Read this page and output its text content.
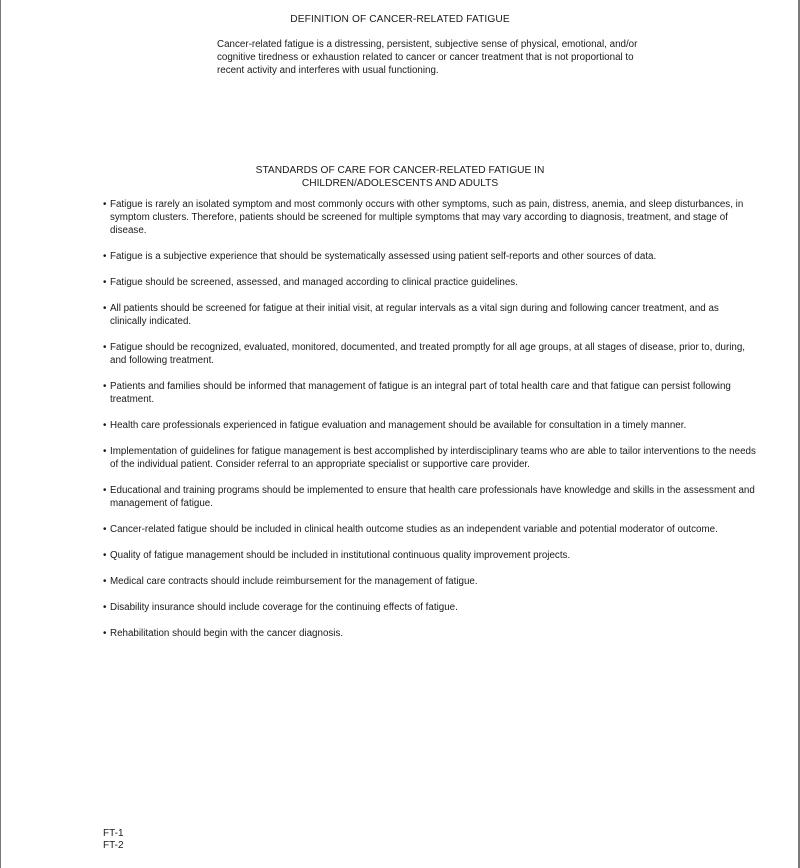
DEFINITION OF CANCER-RELATED FATIGUE

Cancer-related fatigue is a distressing, persistent, subjective sense of physical, emotional, and/or cognitive tiredness or exhaustion related to cancer or cancer treatment that is not proportional to recent activity and interferes with usual functioning.

STANDARDS OF CARE FOR CANCER-RELATED FATIGUE IN
CHILDREN/ADOLESCENTS AND ADULTS
• Fatigue is rarely an isolated symptom and most commonly occurs with other symptoms, such as pain, distress, anemia, and sleep disturbances, in symptom clusters. Therefore, patients should be screened for multiple symptoms that may vary according to diagnosis, treatment, and stage of disease.
• Fatigue is a subjective experience that should be systematically assessed using patient self-reports and other sources of data.
• Fatigue should be screened, assessed, and managed according to clinical practice guidelines.
• All patients should be screened for fatigue at their initial visit, at regular intervals as a vital sign during and following cancer treatment, and as clinically indicated.
• Fatigue should be recognized, evaluated, monitored, documented, and treated promptly for all age groups, at all stages of disease, prior to, during, and following treatment.
• Patients and families should be informed that management of fatigue is an integral part of total health care and that fatigue can persist following treatment.
• Health care professionals experienced in fatigue evaluation and management should be available for consultation in a timely manner.
• Implementation of guidelines for fatigue management is best accomplished by interdisciplinary teams who are able to tailor interventions to the needs of the individual patient. Consider referral to an appropriate specialist or supportive care provider.
• Educational and training programs should be implemented to ensure that health care professionals have knowledge and skills in the assessment and management of fatigue.
• Cancer-related fatigue should be included in clinical health outcome studies as an independent variable and potential moderator of outcome.
• Quality of fatigue management should be included in institutional continuous quality improvement projects.
• Medical care contracts should include reimbursement for the management of fatigue.
• Disability insurance should include coverage for the continuing effects of fatigue.
• Rehabilitation should begin with the cancer diagnosis.
FT-1
FT-2
